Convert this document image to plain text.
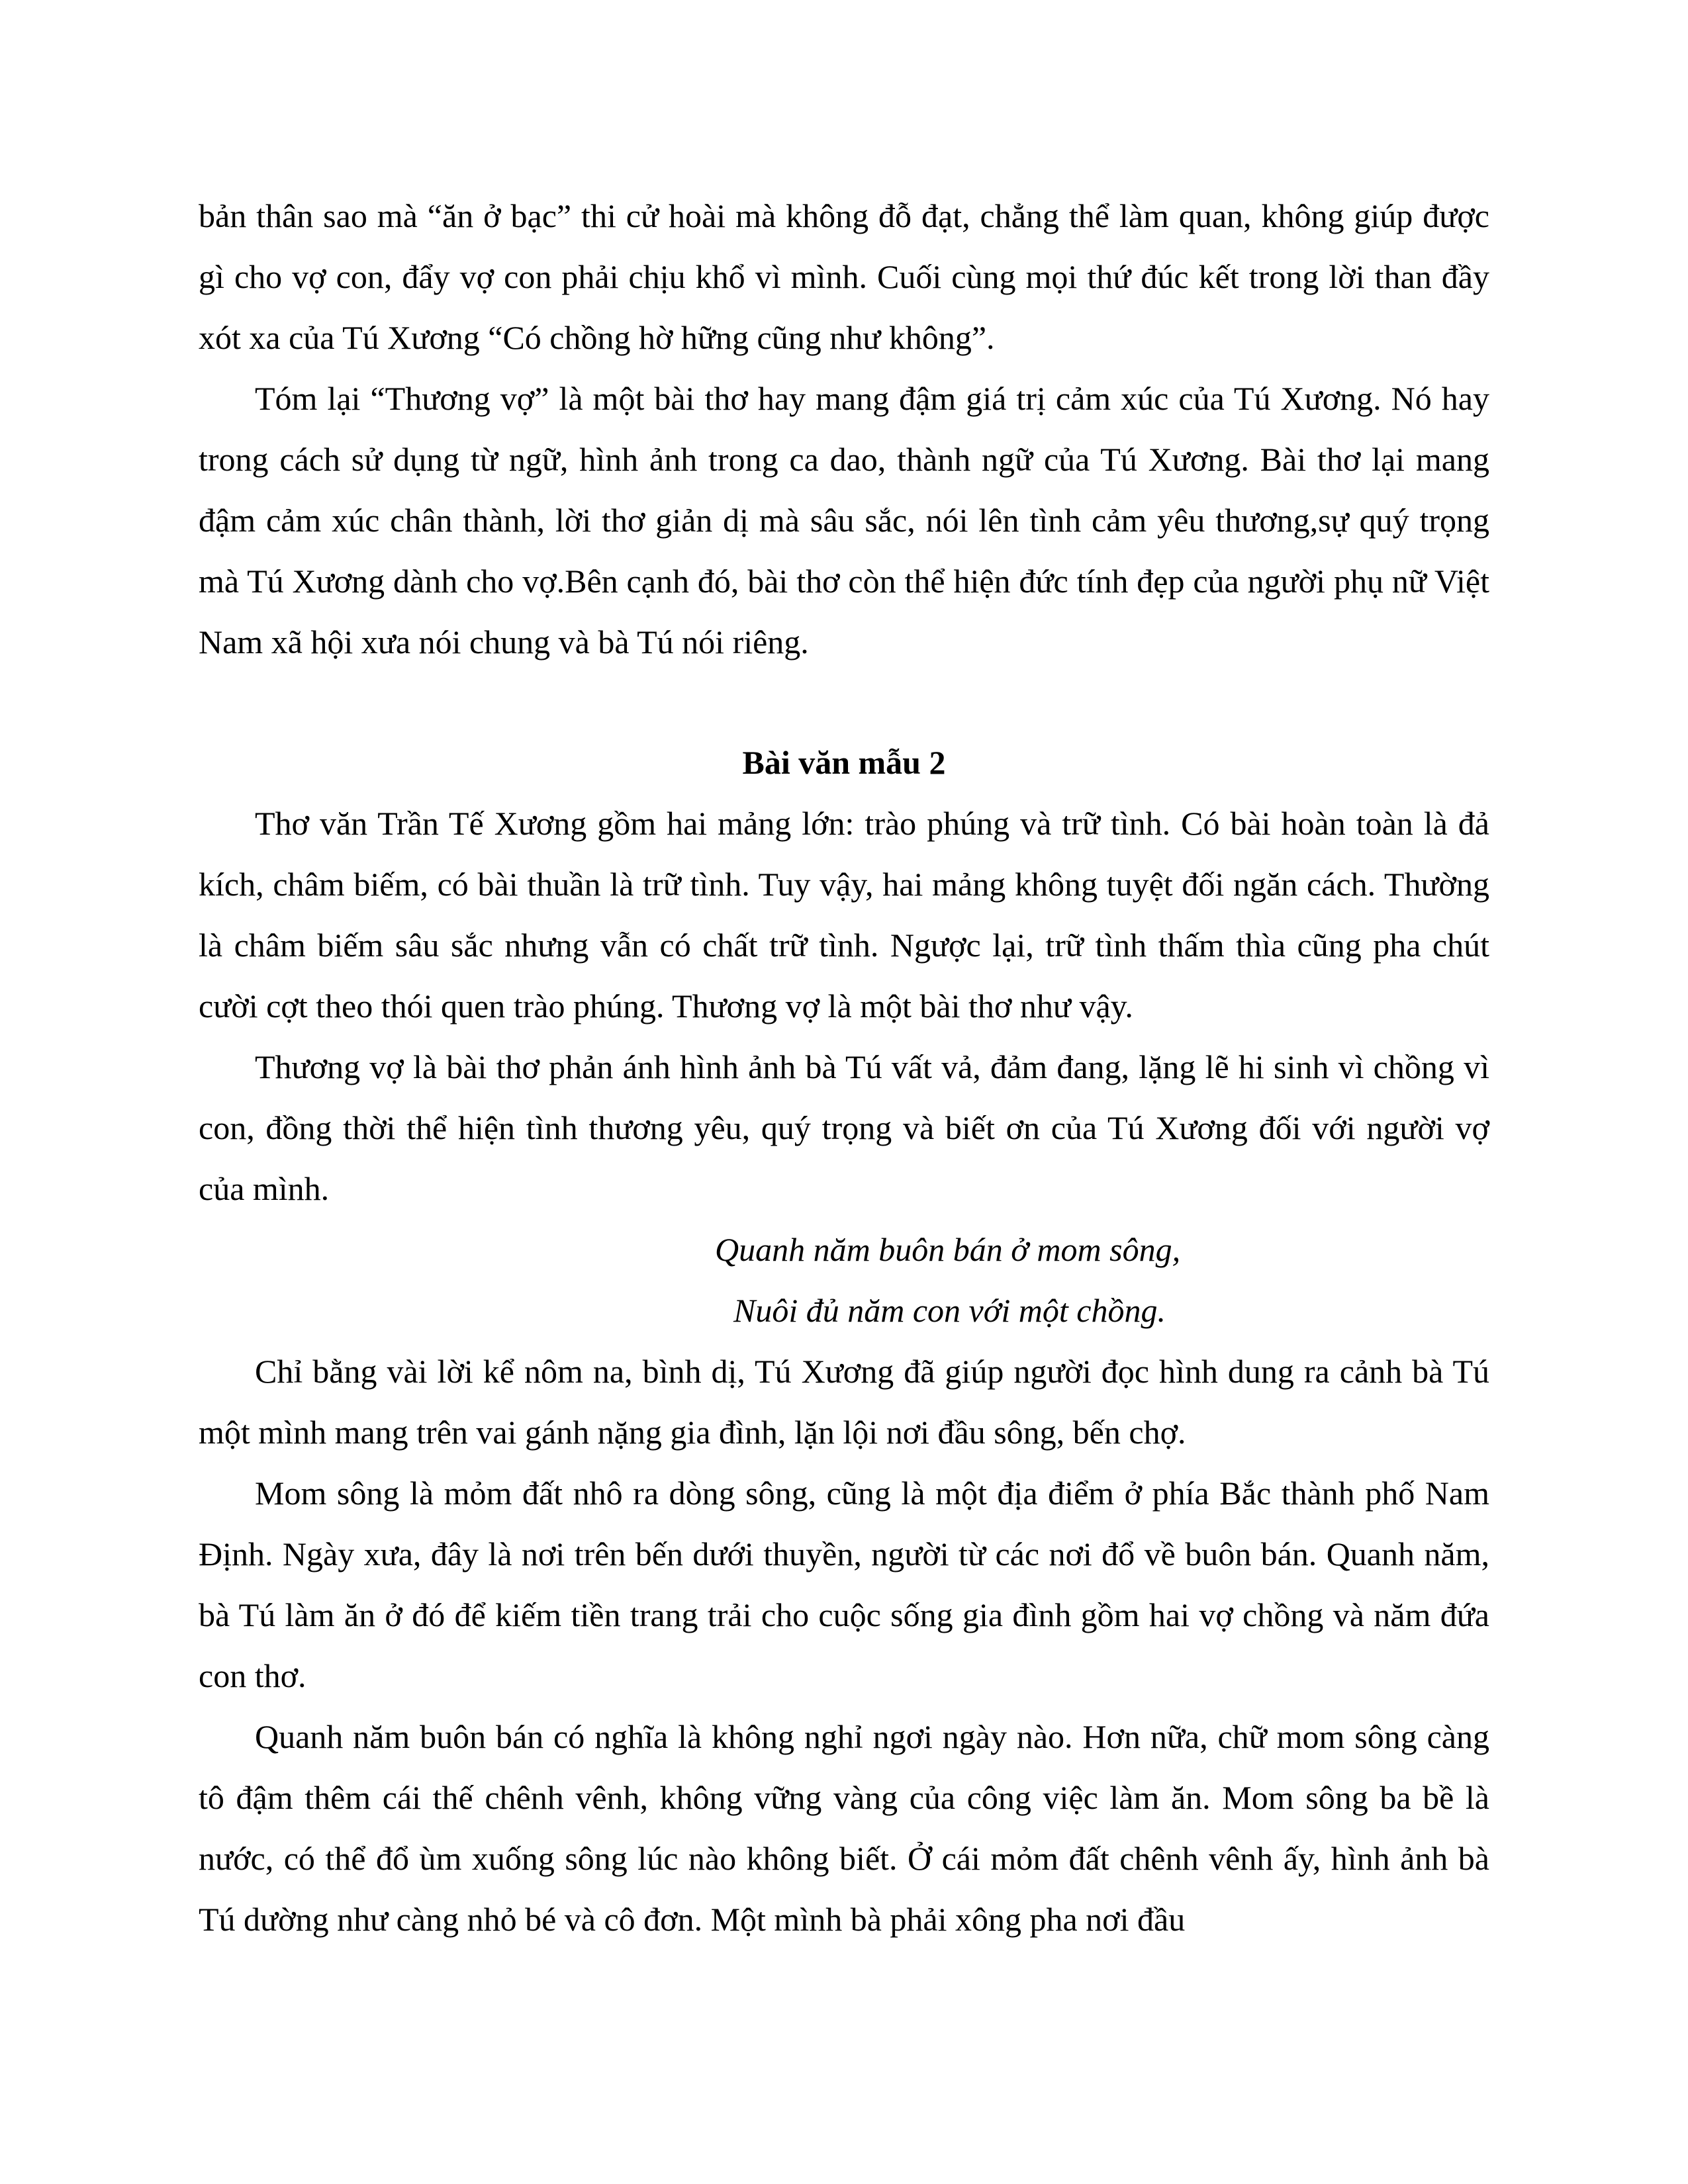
bản thân sao mà “ăn ở bạc” thi cử hoài mà không đỗ đạt, chẳng thể làm quan, không giúp được gì cho vợ con, đẩy vợ con phải chịu khổ vì mình. Cuối cùng mọi thứ đúc kết trong lời than đầy xót xa của Tú Xương “Có chồng hờ hững cũng như không”.

Tóm lại “Thương vợ” là một bài thơ hay mang đậm giá trị cảm xúc của Tú Xương. Nó hay trong cách sử dụng từ ngữ, hình ảnh trong ca dao, thành ngữ của Tú Xương. Bài thơ lại mang đậm cảm xúc chân thành, lời thơ giản dị mà sâu sắc, nói lên tình cảm yêu thương,sự quý trọng mà Tú Xương dành cho vợ.Bên cạnh đó, bài thơ còn thể hiện đức tính đẹp của người phụ nữ Việt Nam xã hội xưa nói chung và bà Tú nói riêng.

Bài văn mẫu 2

Thơ văn Trần Tế Xương gồm hai mảng lớn: trào phúng và trữ tình. Có bài hoàn toàn là đả kích, châm biếm, có bài thuần là trữ tình. Tuy vậy, hai mảng không tuyệt đối ngăn cách. Thường là châm biếm sâu sắc nhưng vẫn có chất trữ tình. Ngược lại, trữ tình thấm thìa cũng pha chút cười cợt theo thói quen trào phúng. Thương vợ là một bài thơ như vậy.

Thương vợ là bài thơ phản ánh hình ảnh bà Tú vất vả, đảm đang, lặng lẽ hi sinh vì chồng vì con, đồng thời thể hiện tình thương yêu, quý trọng và biết ơn của Tú Xương đối với người vợ của mình.

Quanh năm buôn bán ở mom sông,

Nuôi đủ năm con với một chồng.

Chỉ bằng vài lời kể nôm na, bình dị, Tú Xương đã giúp người đọc hình dung ra cảnh bà Tú một mình mang trên vai gánh nặng gia đình, lặn lội nơi đầu sông, bến chợ.

Mom sông là mỏm đất nhô ra dòng sông, cũng là một địa điểm ở phía Bắc thành phố Nam Định. Ngày xưa, đây là nơi trên bến dưới thuyền, người từ các nơi đổ về buôn bán. Quanh năm, bà Tú làm ăn ở đó để kiếm tiền trang trải cho cuộc sống gia đình gồm hai vợ chồng và năm đứa con thơ.

Quanh năm buôn bán có nghĩa là không nghỉ ngơi ngày nào. Hơn nữa, chữ mom sông càng tô đậm thêm cái thế chênh vênh, không vững vàng của công việc làm ăn. Mom sông ba bề là nước, có thể đổ ùm xuống sông lúc nào không biết. Ở cái mỏm đất chênh vênh ấy, hình ảnh bà Tú dường như càng nhỏ bé và cô đơn. Một mình bà phải xông pha nơi đầu
